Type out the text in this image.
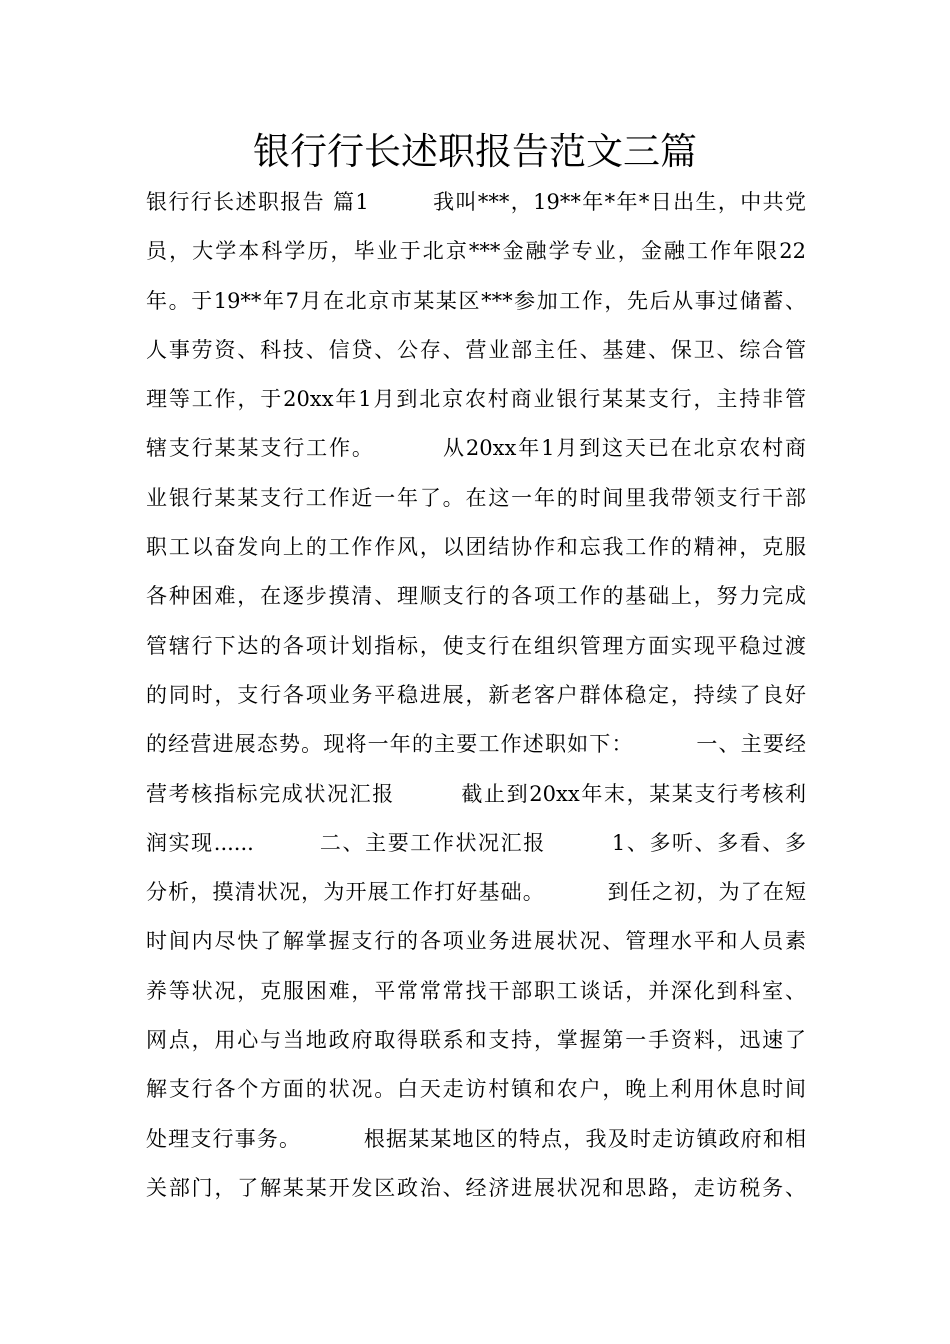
银行行长述职报告范文三篇
银行行长述职报告 篇1        我叫***，19**年*年*日出生，中共党
员，大学本科学历，毕业于北京***金融学专业，金融工作年限22
年。于19**年7月在北京市某某区***参加工作，先后从事过储蓄、
人事劳资、科技、信贷、公存、营业部主任、基建、保卫、综合管
理等工作，于20xx年1月到北京农村商业银行某某支行，主持非管
辖支行某某支行工作。        从20xx年1月到这天已在北京农村商
业银行某某支行工作近一年了。在这一年的时间里我带领支行干部
职工以奋发向上的工作作风，以团结协作和忘我工作的精神，克服
各种困难，在逐步摸清、理顺支行的各项工作的基础上，努力完成
管辖行下达的各项计划指标，使支行在组织管理方面实现平稳过渡
的同时，支行各项业务平稳进展，新老客户群体稳定，持续了良好
的经营进展态势。现将一年的主要工作述职如下：        一、主要经
营考核指标完成状况汇报        截止到20xx年末，某某支行考核利
润实现......        二、主要工作状况汇报        1、多听、多看、多
分析，摸清状况，为开展工作打好基础。        到任之初，为了在短
时间内尽快了解掌握支行的各项业务进展状况、管理水平和人员素
养等状况，克服困难，平常常常找干部职工谈话，并深化到科室、
网点，用心与当地政府取得联系和支持，掌握第一手资料，迅速了
解支行各个方面的状况。白天走访村镇和农户，晚上利用休息时间
处理支行事务。        根据某某地区的特点，我及时走访镇政府和相
关部门，了解某某开发区政治、经济进展状况和思路，走访税务、
